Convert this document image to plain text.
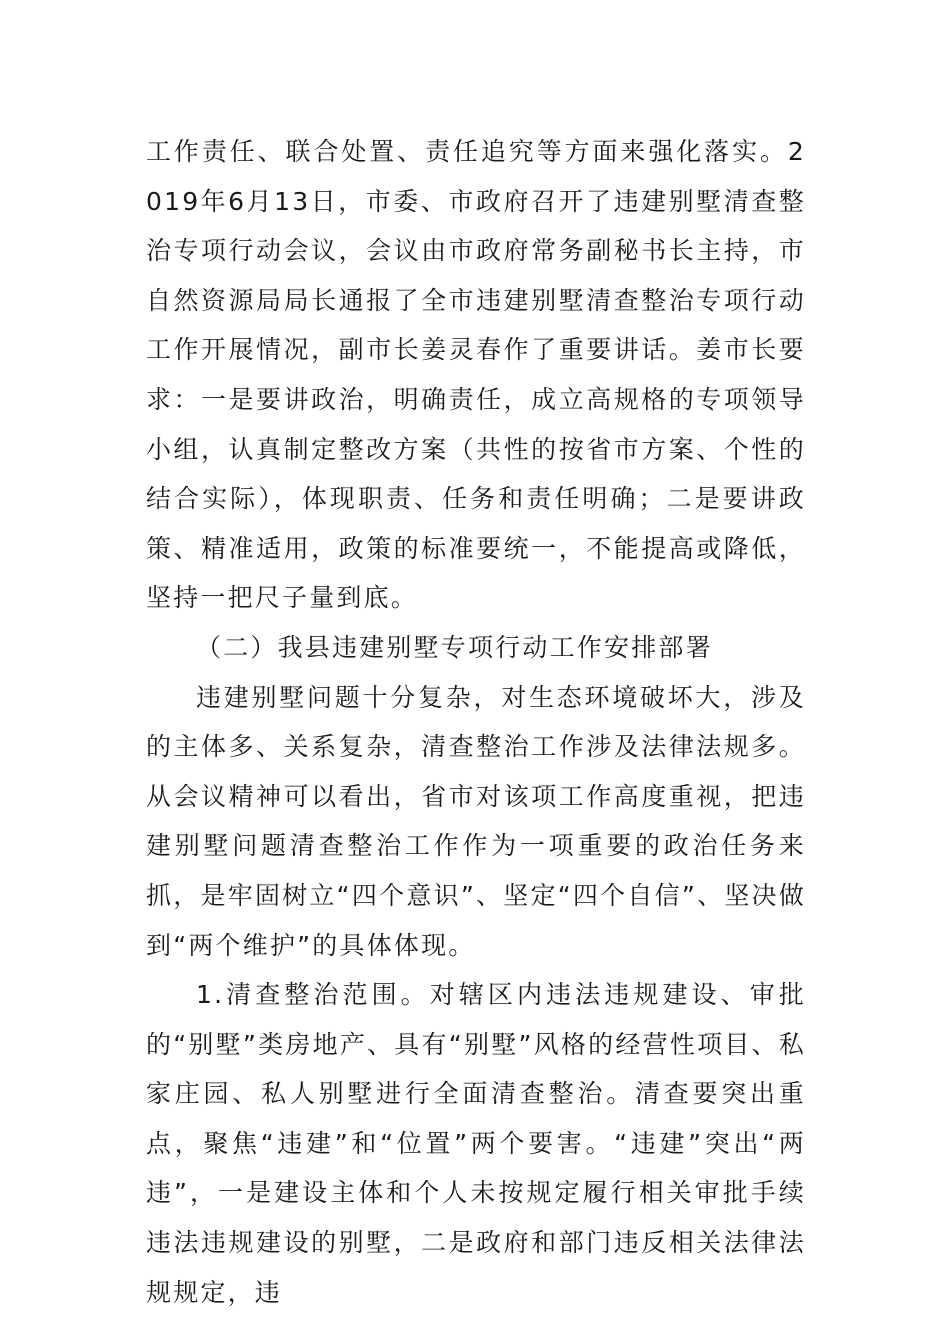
工作责任、联合处置、责任追究等方面来强化落实。2019年6月13日，市委、市政府召开了违建别墅清查整治专项行动会议，会议由市政府常务副秘书长主持，市自然资源局局长通报了全市违建别墅清查整治专项行动工作开展情况，副市长姜灵春作了重要讲话。姜市长要求：一是要讲政治，明确责任，成立高规格的专项领导小组，认真制定整改方案（共性的按省市方案、个性的结合实际），体现职责、任务和责任明确；二是要讲政策、精准适用，政策的标准要统一，不能提高或降低，坚持一把尺子量到底。

（二）我县违建别墅专项行动工作安排部署

违建别墅问题十分复杂，对生态环境破坏大，涉及的主体多、关系复杂，清查整治工作涉及法律法规多。从会议精神可以看出，省市对该项工作高度重视，把违建别墅问题清查整治工作作为一项重要的政治任务来抓，是牢固树立“四个意识”、坚定“四个自信”、坚决做到“两个维护”的具体体现。

1.清查整治范围。对辖区内违法违规建设、审批的“别墅”类房地产、具有“别墅”风格的经营性项目、私家庄园、私人别墅进行全面清查整治。清查要突出重点，聚焦“违建”和“位置”两个要害。“违建”突出“两违”，一是建设主体和个人未按规定履行相关审批手续违法违规建设的别墅，二是政府和部门违反相关法律法规规定，违
